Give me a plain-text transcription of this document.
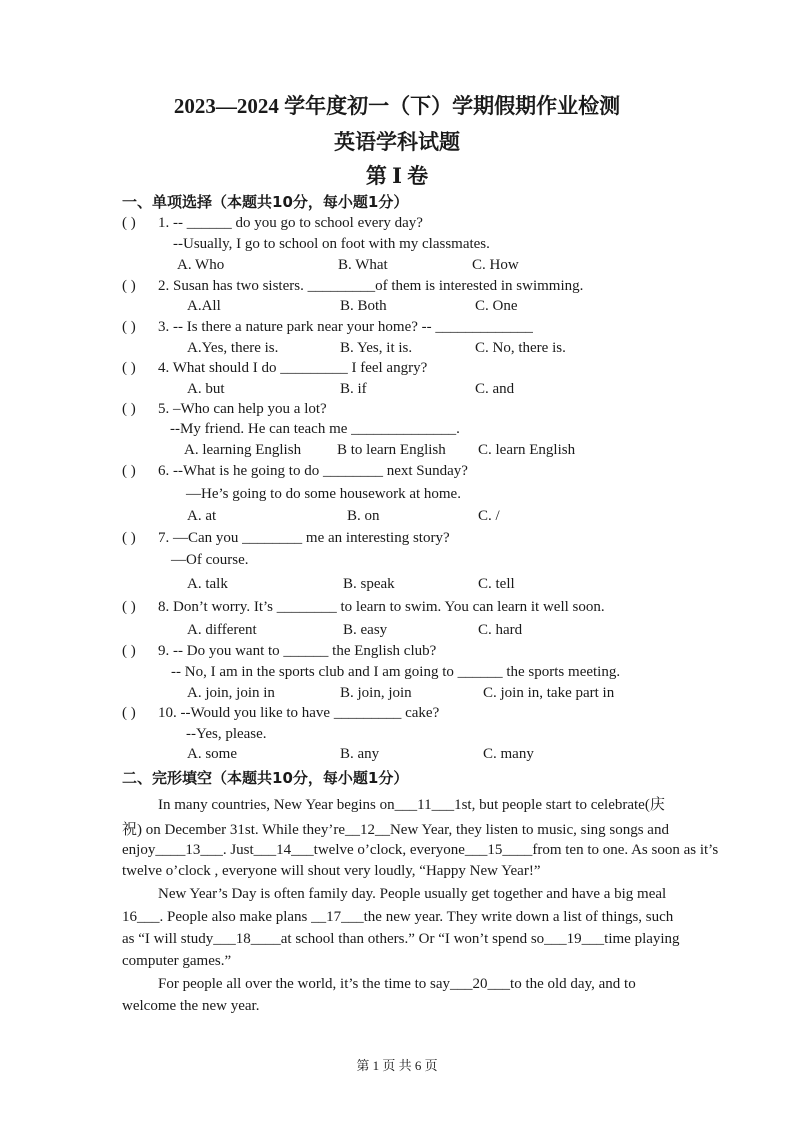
2023—2024 学年度初一（下）学期假期作业检测
英语学科试题
第 Ⅰ 卷
一、单项选择（本题共10分，每小题1分）
( ) 1. -- ______ do you go to school every day?
--Usually, I go to school on foot with my classmates.
A. Who	B. What	C. How
( ) 2. Susan has two sisters. _________of them is interested in swimming.
A.All	B. Both	C. One
( ) 3. -- Is there a nature park near your home? -- _____________
A.Yes, there is.	B. Yes, it is.	C. No, there is.
( ) 4. What should I do _________ I feel angry?
A. but	B. if	C. and
( ) 5. –Who can help you a lot?
--My friend. He can teach me ______________.
A. learning English B to learn English C. learn English
( ) 6. --What is he going to do ________ next Sunday?
—He’s going to do some housework at home.
A. at	B. on	C. /
( ) 7. —Can you ________ me an interesting story?
—Of course.
A. talk	B. speak	C. tell
( ) 8. Don’t worry. It’s ________ to learn to swim. You can learn it well soon.
A. different	B. easy	C. hard
( ) 9. -- Do you want to ______ the English club?
-- No, I am in the sports club and I am going to ______ the sports meeting.
A. join, join in	B. join, join	C. join in, take part in
( ) 10. --Would you like to have _________ cake?
--Yes, please.
A. some	B. any	C. many
二、完形填空（本题共10分，每小题1分）
In many countries, New Year begins on___11___1st, but people start to celebrate(庆
祝) on December 31st. While they’re__12__New Year, they listen to music, sing songs and
enjoy____13___. Just___14___twelve o’clock, everyone___15____from ten to one. As soon as it’s
twelve o’clock , everyone will shout very loudly, “Happy New Year!”
New Year’s Day is often family day. People usually get together and have a big meal
16___. People also make plans __17___the new year. They write down a list of things, such
as “I will study___18____at school than others.” Or “I won’t spend so___19___time playing
computer games.”
For people all over the world, it’s the time to say___20___to the old day, and to
welcome the new year.
第 1 页 共 6 页
